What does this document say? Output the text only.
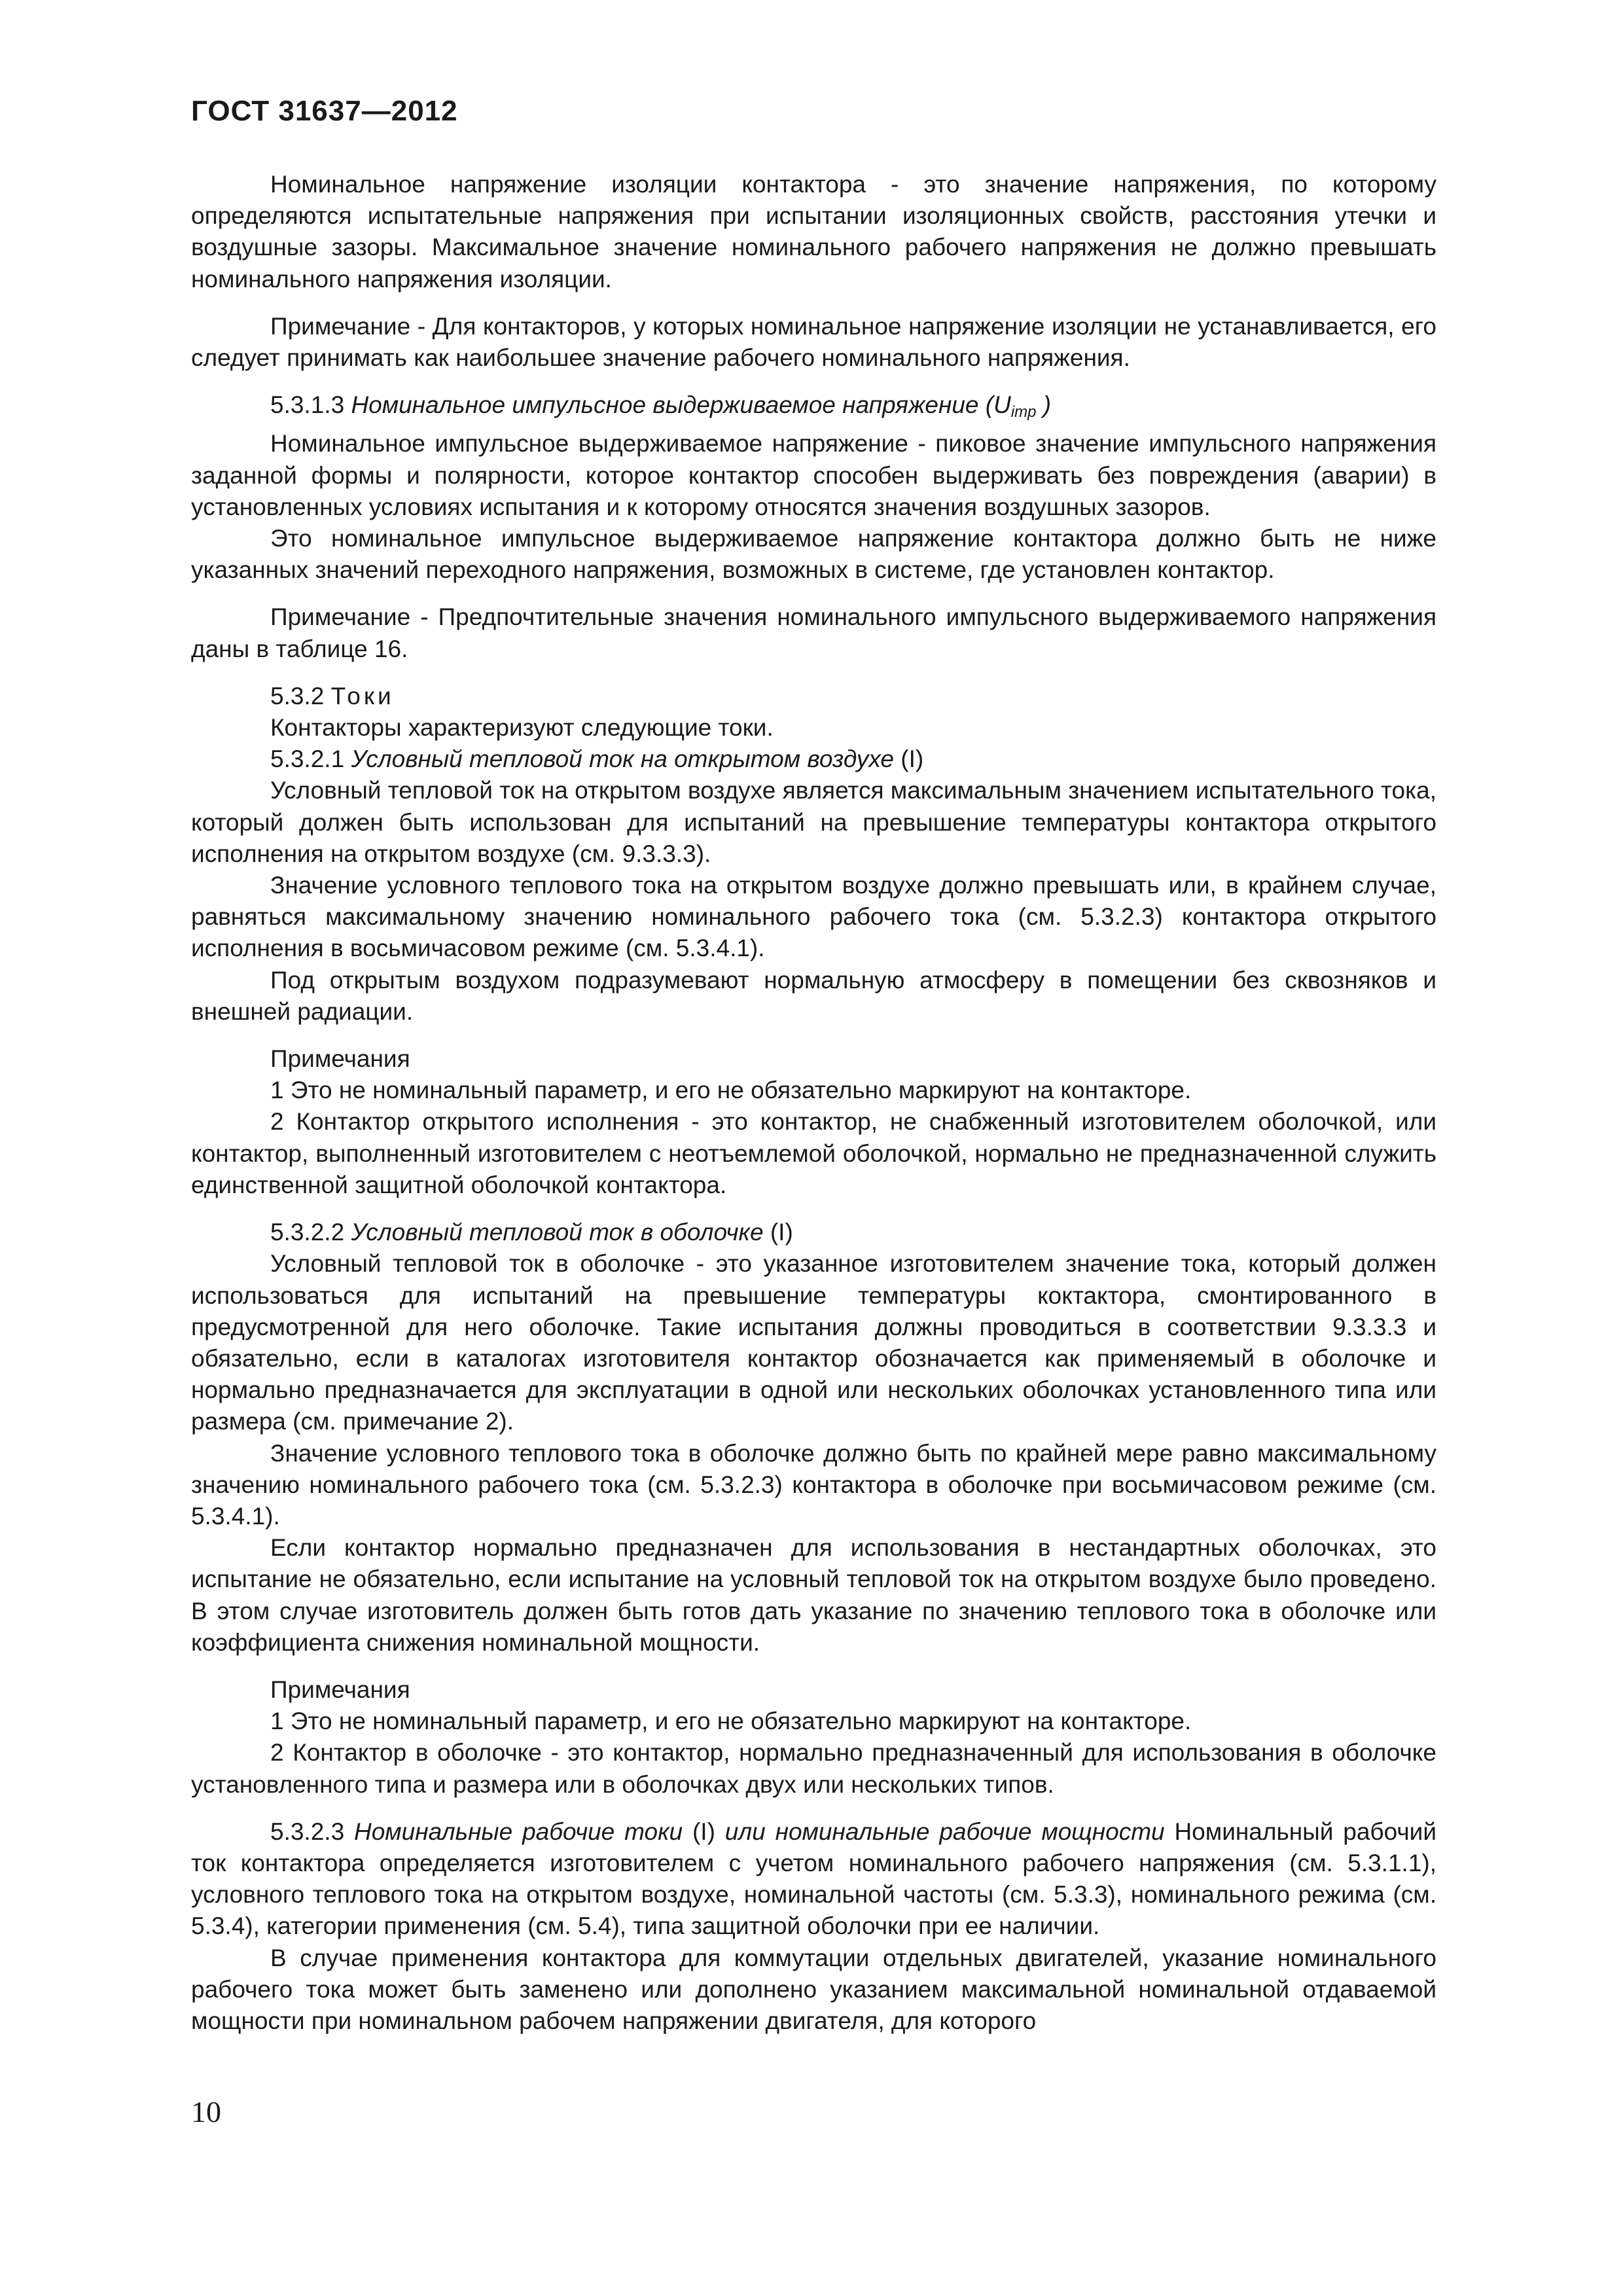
ГОСТ 31637—2012

Номинальное напряжение изоляции контактора - это значение напряжения, по которому определяются испытательные напряжения при испытании изоляционных свойств, расстояния утечки и воздушные зазоры. Максимальное значение номинального рабочего напряжения не должно превышать номинального напряжения изоляции.

Примечание - Для контакторов, у которых номинальное напряжение изоляции не устанавливается, его следует принимать как наибольшее значение рабочего номинального напряжения.

5.3.1.3 Номинальное импульсное выдерживаемое напряжение ($U_{imp}$ )

Номинальное импульсное выдерживаемое напряжение - пиковое значение импульсного напряжения заданной формы и полярности, которое контактор способен выдерживать без повреждения (аварии) в установленных условиях испытания и к которому относятся значения воздушных зазоров.

Это номинальное импульсное выдерживаемое напряжение контактора должно быть не ниже указанных значений переходного напряжения, возможных в системе, где установлен контактор.

Примечание - Предпочтительные значения номинального импульсного выдерживаемого напряжения даны в таблице 16.

5.3.2 Токи

Контакторы характеризуют следующие токи.

5.3.2.1 Условный тепловой ток на открытом воздухе (I)

Условный тепловой ток на открытом воздухе является максимальным значением испытательного тока, который должен быть использован для испытаний на превышение температуры контактора открытого исполнения на открытом воздухе (см. 9.3.3.3).

Значение условного теплового тока на открытом воздухе должно превышать или, в крайнем случае, равняться максимальному значению номинального рабочего тока (см. 5.3.2.3) контактора открытого исполнения в восьмичасовом режиме (см. 5.3.4.1).

Под открытым воздухом подразумевают нормальную атмосферу в помещении без сквозняков и внешней радиации.

Примечания

1 Это не номинальный параметр, и его не обязательно маркируют на контакторе.

2 Контактор открытого исполнения - это контактор, не снабженный изготовителем оболочкой, или контактор, выполненный изготовителем с неотъемлемой оболочкой, нормально не предназначенной служить единственной защитной оболочкой контактора.

5.3.2.2 Условный тепловой ток в оболочке (I)

Условный тепловой ток в оболочке - это указанное изготовителем значение тока, который должен использоваться для испытаний на превышение температуры коктактора, смонтированного в предусмотренной для него оболочке. Такие испытания должны проводиться в соответствии 9.3.3.3 и обязательно, если в каталогах изготовителя контактор обозначается как применяемый в оболочке и нормально предназначается для эксплуатации в одной или нескольких оболочках установленного типа или размера (см. примечание 2).

Значение условного теплового тока в оболочке должно быть по крайней мере равно максимальному значению номинального рабочего тока (см. 5.3.2.3) контактора в оболочке при восьмичасовом режиме (см. 5.3.4.1).

Если контактор нормально предназначен для использования в нестандартных оболочках, это испытание не обязательно, если испытание на условный тепловой ток на открытом воздухе было проведено. В этом случае изготовитель должен быть готов дать указание по значению теплового тока в оболочке или коэффициента снижения номинальной мощности.

Примечания

1 Это не номинальный параметр, и его не обязательно маркируют на контакторе.

2 Контактор в оболочке - это контактор, нормально предназначенный для использования в оболочке установленного типа и размера или в оболочках двух или нескольких типов.

5.3.2.3 Номинальные рабочие токи (I) или номинальные рабочие мощности Номинальный рабочий ток контактора определяется изготовителем с учетом номинального рабочего напряжения (см. 5.3.1.1), условного теплового тока на открытом воздухе, номинальной частоты (см. 5.3.3), номинального режима (см. 5.3.4), категории применения (см. 5.4), типа защитной оболочки при ее наличии.

В случае применения контактора для коммутации отдельных двигателей, указание номинального рабочего тока может быть заменено или дополнено указанием максимальной номинальной отдаваемой мощности при номинальном рабочем напряжении двигателя, для которого

10
